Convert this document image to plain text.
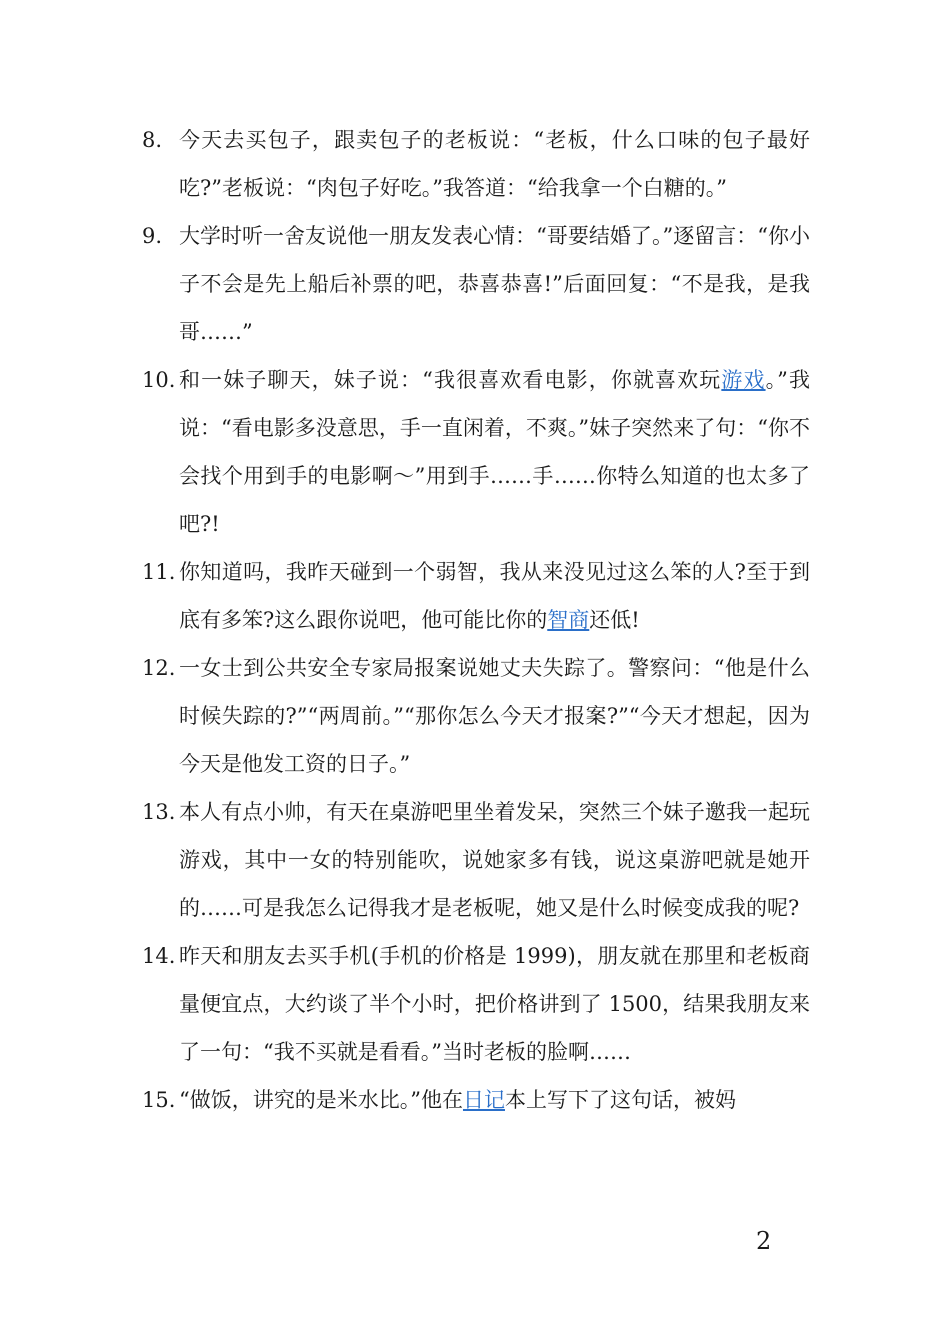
8. 今天去买包子，跟卖包子的老板说：“老板，什么口味的包子最好吃?”老板说：“肉包子好吃。”我答道：“给我拿一个白糖的。”
9. 大学时听一舍友说他一朋友发表心情：“哥要结婚了。”逐留言：“你小子不会是先上船后补票的吧，恭喜恭喜!”后面回复：“不是我，是我哥……”
10. 和一妹子聊天，妹子说：“我很喜欢看电影，你就喜欢玩游戏。”我说：“看电影多没意思，手一直闲着，不爽。”妹子突然来了句：“你不会找个用到手的电影啊～”用到手……手……你特么知道的也太多了吧?!
11. 你知道吗，我昨天碰到一个弱智，我从来没见过这么笨的人?至于到底有多笨?这么跟你说吧，他可能比你的智商还低!
12. 一女士到公共安全专家局报案说她丈夫失踪了。警察问：“他是什么时候失踪的?”“两周前。”“那你怎么今天才报案?”“今天才想起，因为今天是他发工资的日子。”
13. 本人有点小帅，有天在桌游吧里坐着发呆，突然三个妹子邀我一起玩游戏，其中一女的特别能吹，说她家多有钱，说这桌游吧就是她开的……可是我怎么记得我才是老板呢，她又是什么时候变成我的呢?
14. 昨天和朋友去买手机(手机的价格是 1999)，朋友就在那里和老板商量便宜点，大约谈了半个小时，把价格讲到了 1500，结果我朋友来了一句：“我不买就是看看。”当时老板的脸啊……
15. “做饭，讲究的是米水比。”他在日记本上写下了这句话，被妈
2
